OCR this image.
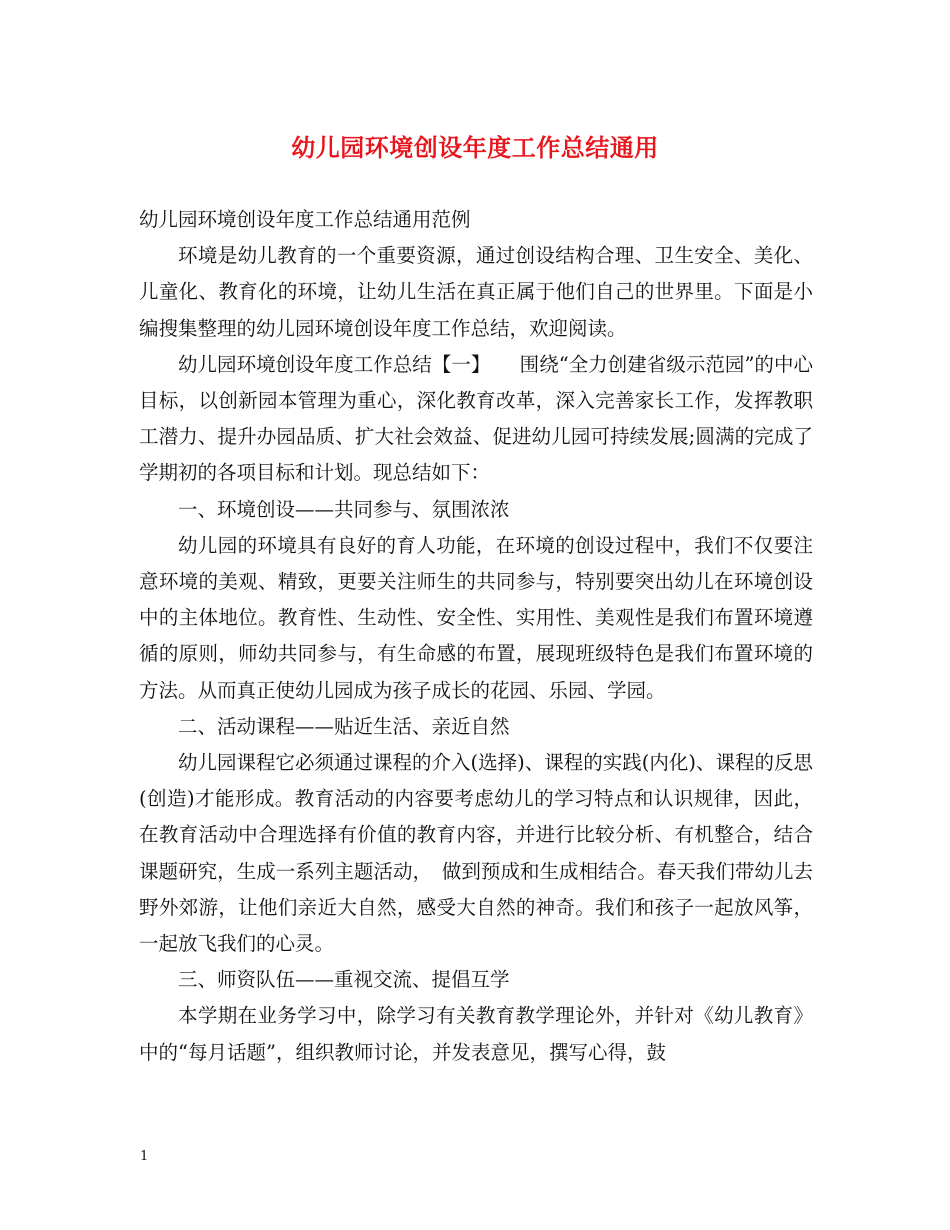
幼儿园环境创设年度工作总结通用

幼儿园环境创设年度工作总结通用范例

环境是幼儿教育的一个重要资源，通过创设结构合理、卫生安全、美化、儿童化、教育化的环境，让幼儿生活在真正属于他们自己的世界里。下面是小编搜集整理的幼儿园环境创设年度工作总结，欢迎阅读。

幼儿园环境创设年度工作总结【一】　　围绕“全力创建省级示范园”的中心目标，以创新园本管理为重心，深化教育改革，深入完善家长工作，发挥教职工潜力、提升办园品质、扩大社会效益、促进幼儿园可持续发展;圆满的完成了学期初的各项目标和计划。现总结如下：

一、环境创设——共同参与、氛围浓浓

幼儿园的环境具有良好的育人功能，在环境的创设过程中，我们不仅要注意环境的美观、精致，更要关注师生的共同参与，特别要突出幼儿在环境创设中的主体地位。教育性、生动性、安全性、实用性、美观性是我们布置环境遵循的原则，师幼共同参与，有生命感的布置，展现班级特色是我们布置环境的方法。从而真正使幼儿园成为孩子成长的花园、乐园、学园。

二、活动课程——贴近生活、亲近自然

幼儿园课程它必须通过课程的介入(选择)、课程的实践(内化)、课程的反思(创造)才能形成。教育活动的内容要考虑幼儿的学习特点和认识规律，因此，在教育活动中合理选择有价值的教育内容，并进行比较分析、有机整合，结合课题研究，生成一系列主题活动，　做到预成和生成相结合。春天我们带幼儿去野外郊游，让他们亲近大自然，感受大自然的神奇。我们和孩子一起放风筝，一起放飞我们的心灵。

三、师资队伍——重视交流、提倡互学

本学期在业务学习中，除学习有关教育教学理论外，并针对《幼儿教育》中的“每月话题”，组织教师讨论，并发表意见，撰写心得，鼓

1
